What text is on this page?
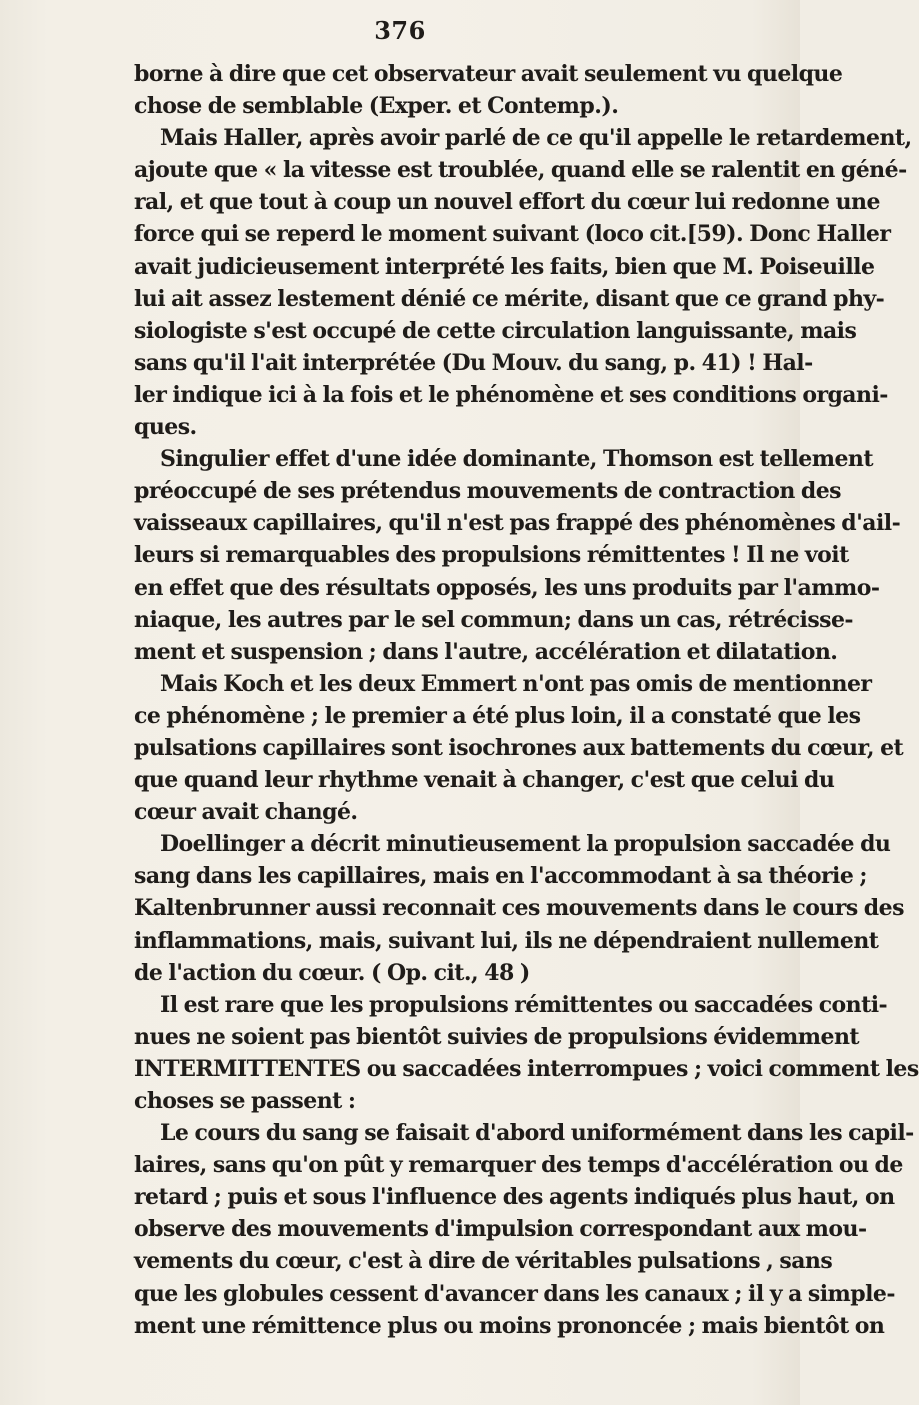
376
borne à dire que cet observateur avait seulement vu quelque
chose de semblable (Exper. et Contemp.).
Mais Haller, après avoir parlé de ce qu'il appelle le retardement,
ajoute que « la vitesse est troublée, quand elle se ralentit en géné-
ral, et que tout à coup un nouvel effort du cœur lui redonne une
force qui se reperd le moment suivant (loco cit.[59). Donc Haller
avait judicieusement interprété les faits, bien que M. Poiseuille
lui ait assez lestement dénié ce mérite, disant que ce grand phy-
siologiste s'est occupé de cette circulation languissante, mais
sans qu'il l'ait interprétée (Du Mouv. du sang, p. 41) ! Hal-
ler indique ici à la fois et le phénomène et ses conditions organi-
ques.
Singulier effet d'une idée dominante, Thomson est tellement
préoccupé de ses prétendus mouvements de contraction des
vaisseaux capillaires, qu'il n'est pas frappé des phénomènes d'ail-
leurs si remarquables des propulsions rémittentes ! Il ne voit
en effet que des résultats opposés, les uns produits par l'ammo-
niaque, les autres par le sel commun; dans un cas, rétrécisse-
ment et suspension ; dans l'autre, accélération et dilatation.
Mais Koch et les deux Emmert n'ont pas omis de mentionner
ce phénomène ; le premier a été plus loin, il a constaté que les
pulsations capillaires sont isochrones aux battements du cœur, et
que quand leur rhythme venait à changer, c'est que celui du
cœur avait changé.
Doellinger a décrit minutieusement la propulsion saccadée du
sang dans les capillaires, mais en l'accommodant à sa théorie ;
Kaltenbrunner aussi reconnait ces mouvements dans le cours des
inflammations, mais, suivant lui, ils ne dépendraient nullement
de l'action du cœur. ( Op. cit., 48 )
Il est rare que les propulsions rémittentes ou saccadées conti-
nues ne soient pas bientôt suivies de propulsions évidemment
INTERMITTENTES ou saccadées interrompues ; voici comment les
choses se passent :
Le cours du sang se faisait d'abord uniformément dans les capil-
laires, sans qu'on pût y remarquer des temps d'accélération ou de
retard ; puis et sous l'influence des agents indiqués plus haut, on
observe des mouvements d'impulsion correspondant aux mou-
vements du cœur, c'est à dire de véritables pulsations , sans
que les globules cessent d'avancer dans les canaux ; il y a simple-
ment une rémittence plus ou moins prononcée ; mais bientôt on
